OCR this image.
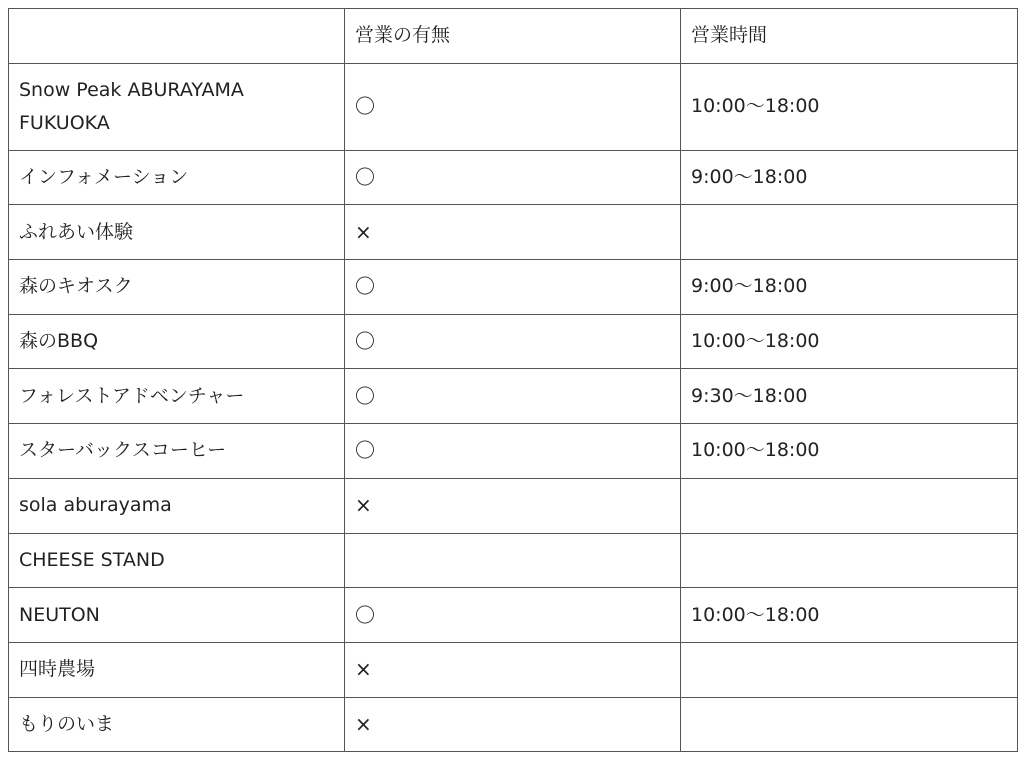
	営業の有無	営業時間
Snow Peak ABURAYAMA FUKUOKA	〇	10:00〜18:00
インフォメーション	〇	9:00〜18:00
ふれあい体験	×	
森のキオスク	〇	9:00〜18:00
森のBBQ	〇	10:00〜18:00
フォレストアドベンチャー	〇	9:30〜18:00
スターバックスコーヒー	〇	10:00〜18:00
sola aburayama	×	
CHEESE STAND		
NEUTON	〇	10:00〜18:00
四時農場	×	
もりのいま	×	
